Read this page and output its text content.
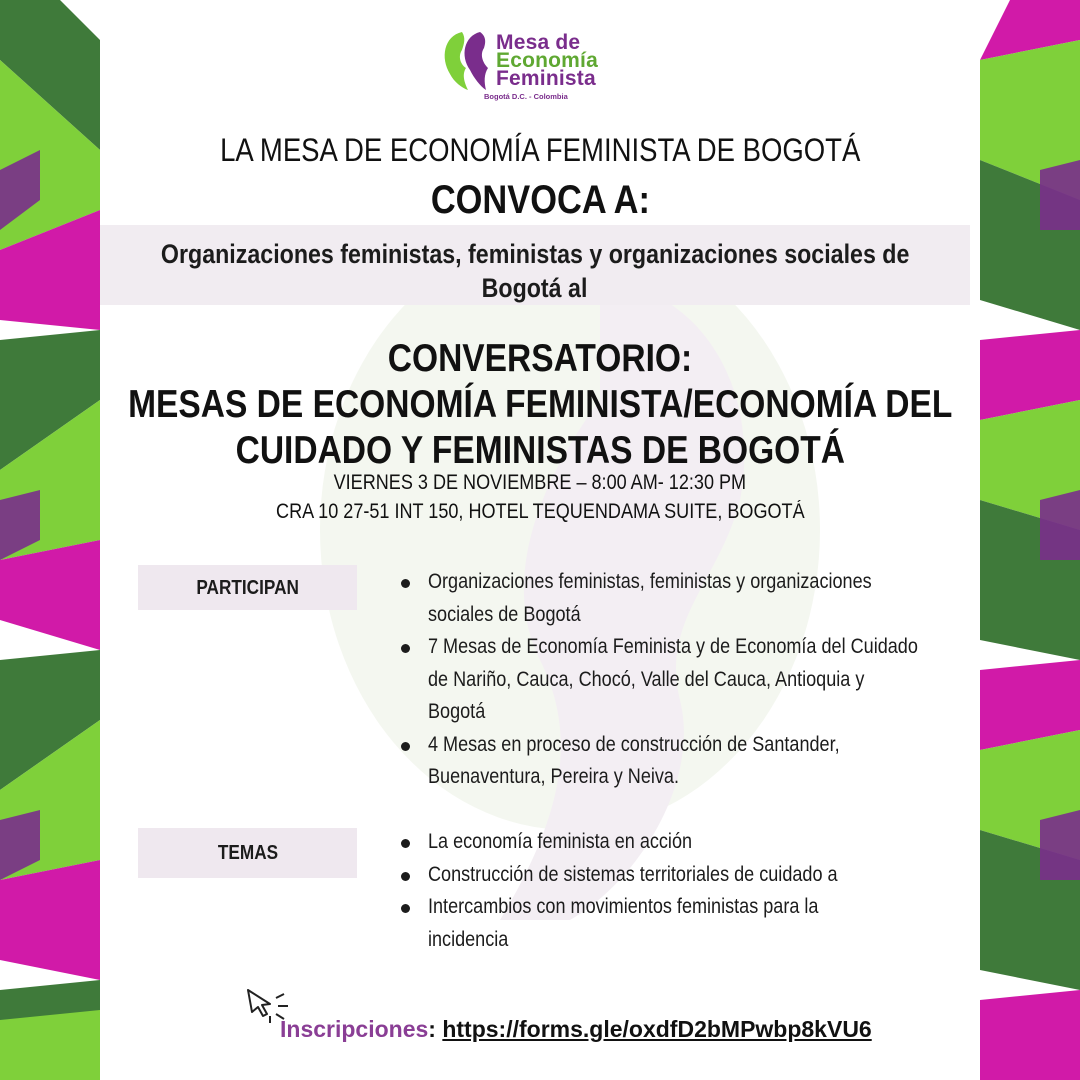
Mesa de
Economía
Feminista
Bogotá D.C. - Colombia
LA MESA DE ECONOMÍA FEMINISTA DE BOGOTÁ
CONVOCA A:
Organizaciones feministas, feministas y organizaciones sociales de
Bogotá al
CONVERSATORIO:
MESAS DE ECONOMÍA FEMINISTA/ECONOMÍA DEL
CUIDADO Y FEMINISTAS DE BOGOTÁ
VIERNES 3 DE NOVIEMBRE – 8:00 AM- 12:30 PM
CRA 10 27-51 INT 150, HOTEL TEQUENDAMA SUITE, BOGOTÁ
PARTICIPAN	Organizaciones feministas, feministas y organizaciones
sociales de Bogotá
7 Mesas de Economía Feminista y de Economía del Cuidado
de Nariño, Cauca, Chocó, Valle del Cauca, Antioquia y
Bogotá
4 Mesas en proceso de construcción de Santander,
Buenaventura, Pereira y Neiva.
TEMAS	La economía feminista en acción
Construcción de sistemas territoriales de cuidado a
Intercambios con movimientos feministas para la
incidencia
Inscripciones: https://forms.gle/oxdfD2bMPwbp8kVU6
